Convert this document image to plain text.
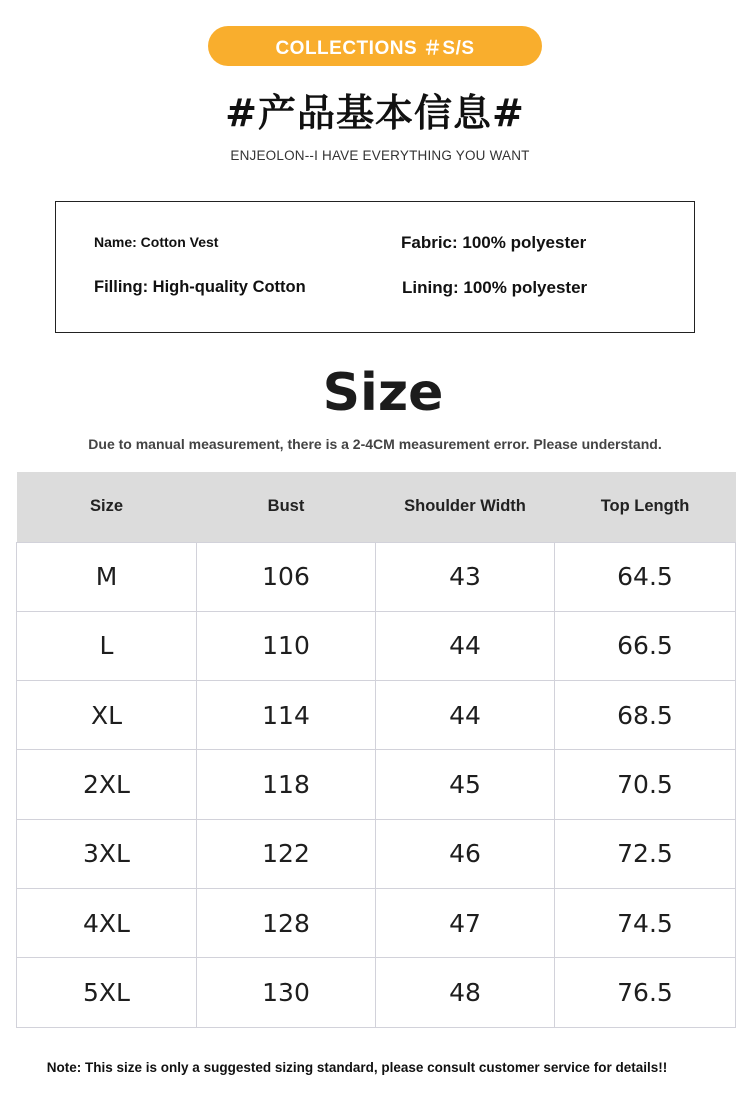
COLLECTIONS ＃S/S
#产品基本信息#
ENJEOLON--I HAVE EVERYTHING YOU WANT
Name: Cotton Vest	Fabric: 100% polyester
Filling: High-quality Cotton	Lining: 100% polyester
Size
Due to manual measurement, there is a 2-4CM measurement error. Please understand.
Size	Bust	Shoulder Width	Top Length
M	106	43	64.5
L	110	44	66.5
XL	114	44	68.5
2XL	118	45	70.5
3XL	122	46	72.5
4XL	128	47	74.5
5XL	130	48	76.5
Note: This size is only a suggested sizing standard, please consult customer service for details!!
